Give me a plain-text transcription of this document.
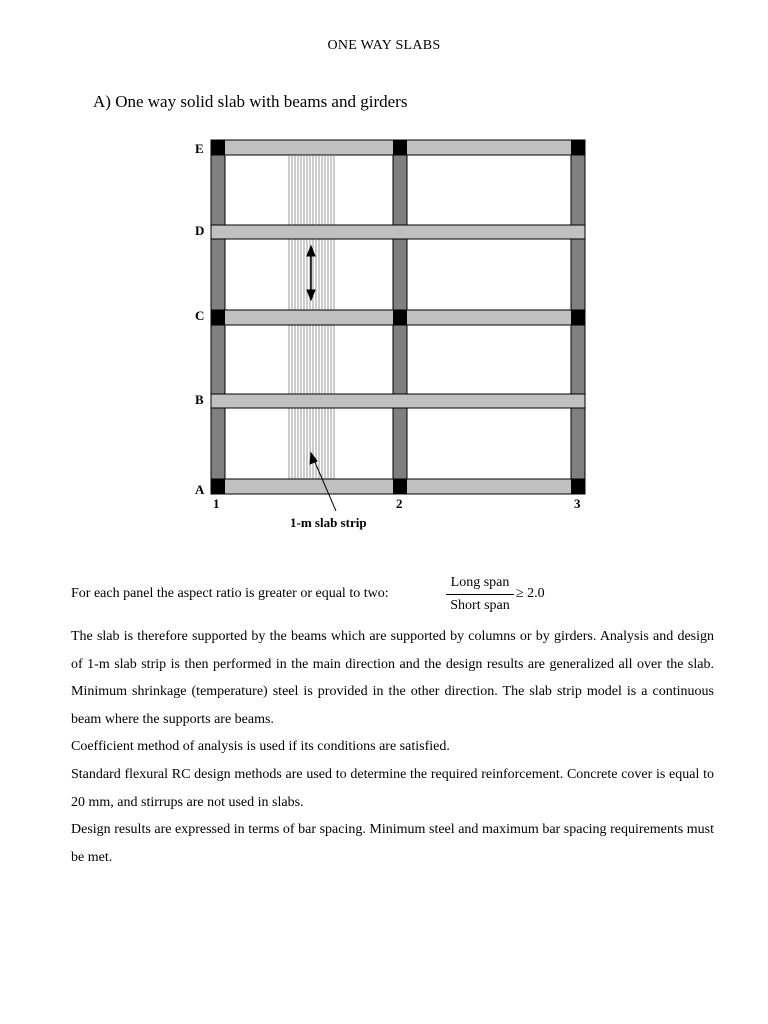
ONE WAY SLABS
A) One way solid slab with beams and girders
E
D
C
B
A
1	2	3
1-m slab strip
For each panel the aspect ratio is greater or equal to two:
Long span
Short span
≥ 2.0

The slab is therefore supported by the beams which are supported by columns or by girders. Analysis and design of 1-m slab strip is then performed in the main direction and the design results are generalized all over the slab. Minimum shrinkage (temperature) steel is provided in the other direction. The slab strip model is a continuous beam where the supports are beams.

Coefficient method of analysis is used if its conditions are satisfied.

Standard flexural RC design methods are used to determine the required reinforcement. Concrete cover is equal to 20 mm, and stirrups are not used in slabs.

Design results are expressed in terms of bar spacing. Minimum steel and maximum bar spacing requirements must be met.
